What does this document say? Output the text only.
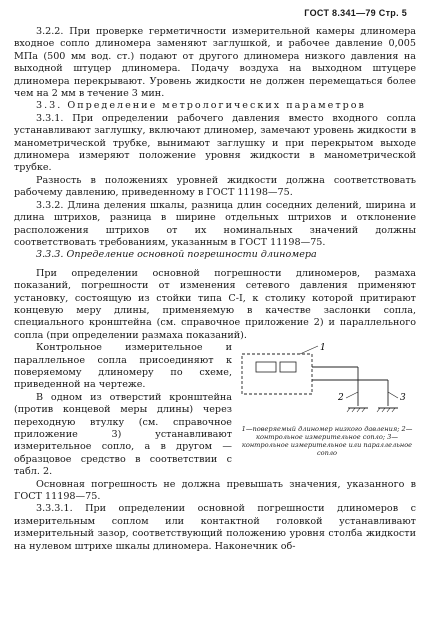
ГОСТ 8.341—79 Стр. 5

3.2.2. При проверке герметичности измерительной камеры длиномера входное сопло длиномера заменяют заглушкой, и рабочее давление 0,005 МПа (500 мм вод. ст.) подают от другого длиномера низкого давления на выходной штуцер длиномера. Подачу воздуха на выходном штуцере длиномера перекрывают. Уровень жидкости не должен перемещаться более чем на 2 мм в течение 3 мин.

3.3. Определение метрологических параметров

3.3.1. При определении рабочего давления вместо входного сопла устанавливают заглушку, включают длиномер, замечают уровень жидкости в манометрической трубке, вынимают заглушку и при перекрытом выходе длиномера измеряют положение уровня жидкости в манометрической трубке.

Разность в положениях уровней жидкости должна соответствовать рабочему давлению, приведенному в ГОСТ 11198—75.

3.3.2. Длина деления шкалы, разница длин соседних делений, ширина и длина штрихов, разница в ширине отдельных штрихов и отклонение расположения штрихов от их номинальных значений должны соответствовать требованиям, указанным в ГОСТ 11198—75.

3.3.3. Определение основной погрешности длиномера

При определении основной погрешности длиномеров, размаха показаний, погрешности от изменения сетевого давления применяют установку, состоящую из стойки типа С-I, к столику которой притирают концевую меру длины, применяемую в качестве заслонки сопла, специального кронштейна (см. справочное приложение 2) и параллельного сопла (при определении размаха показаний).

Контрольное измерительное и параллельное сопла присоединяют к поверяемому длиномеру по схеме, приведенной на чертеже.

В одном из отверстий кронштейна (против концевой меры длины) через переходную втулку (см. справочное приложение 3) устанавливают измерительное сопло, а в другом — образцовое средство в соответствии с табл. 2.

1
2	3

1—поверяемый длиномер низкого давления; 2—контрольное измерительное сопло; 3—контрольное измерительное или параллельное сопло

Основная погрешность не должна превышать значения, указанного в ГОСТ 11198—75.

3.3.3.1. При определении основной погрешности длиномеров с измерительным соплом или контактной головкой устанавливают измерительный зазор, соответствующий положению уровня столба жидкости на нулевом штрихе шкалы длиномера. Наконечник об-
